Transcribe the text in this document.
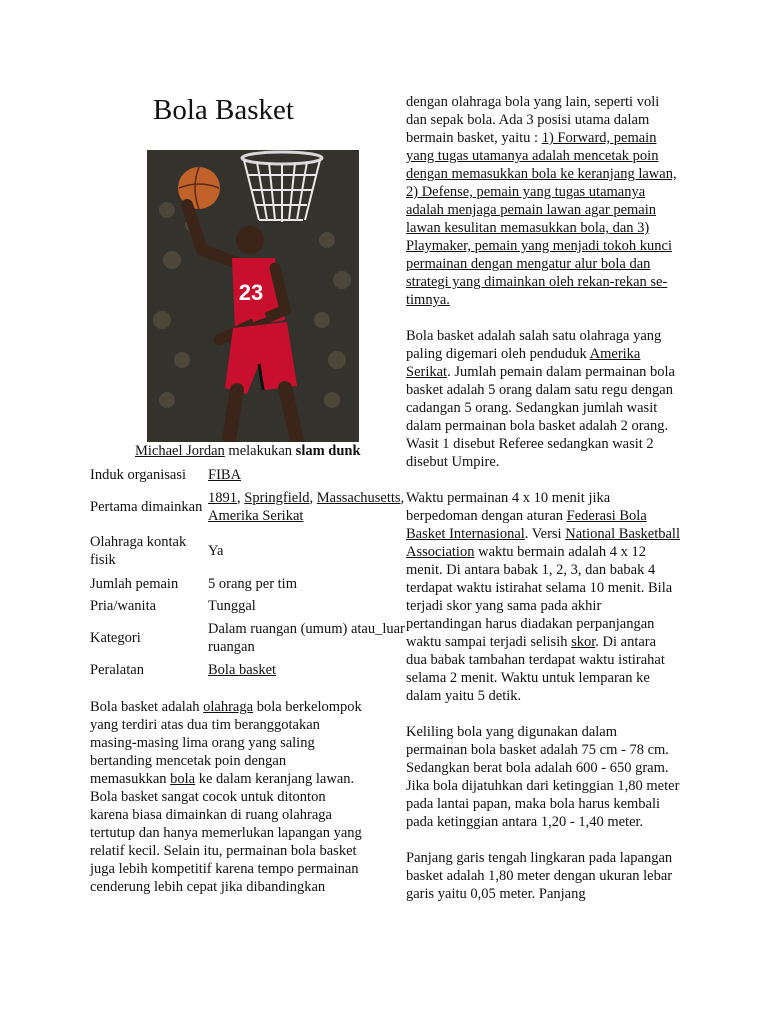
Bola Basket
23
Michael Jordan melakukan slam dunk
Induk organisasi	FIBA
Pertama dimainkan	1891, Springfield, Massachusetts, Amerika Serikat
Olahraga kontak fisik	Ya
Jumlah pemain	5 orang per tim
Pria/wanita	Tunggal
Kategori	Dalam ruangan (umum) atau_luar ruangan
Peralatan	Bola basket

Bola basket adalah olahraga bola berkelompok yang terdiri atas dua tim beranggotakan masing-masing lima orang yang saling bertanding mencetak poin dengan memasukkan bola ke dalam keranjang lawan. Bola basket sangat cocok untuk ditonton karena biasa dimainkan di ruang olahraga tertutup dan hanya memerlukan lapangan yang relatif kecil. Selain itu, permainan bola basket juga lebih kompetitif karena tempo permainan cenderung lebih cepat jika dibandingkan

dengan olahraga bola yang lain, seperti voli dan sepak bola. Ada 3 posisi utama dalam bermain basket, yaitu : 1) Forward, pemain yang tugas utamanya adalah mencetak poin dengan memasukkan bola ke keranjang lawan, 2) Defense, pemain yang tugas utamanya adalah menjaga pemain lawan agar pemain lawan kesulitan memasukkan bola, dan 3) Playmaker, pemain yang menjadi tokoh kunci permainan dengan mengatur alur bola dan strategi yang dimainkan oleh rekan-rekan se-timnya.

Bola basket adalah salah satu olahraga yang paling digemari oleh penduduk Amerika Serikat. Jumlah pemain dalam permainan bola basket adalah 5 orang dalam satu regu dengan cadangan 5 orang. Sedangkan jumlah wasit dalam permainan bola basket adalah 2 orang. Wasit 1 disebut Referee sedangkan wasit 2 disebut Umpire.

Waktu permainan 4 x 10 menit jika berpedoman dengan aturan Federasi Bola Basket Internasional. Versi National Basketball Association waktu bermain adalah 4 x 12 menit. Di antara babak 1, 2, 3, dan babak 4 terdapat waktu istirahat selama 10 menit. Bila terjadi skor yang sama pada akhir pertandingan harus diadakan perpanjangan waktu sampai terjadi selisih skor. Di antara dua babak tambahan terdapat waktu istirahat selama 2 menit. Waktu untuk lemparan ke dalam yaitu 5 detik.

Keliling bola yang digunakan dalam permainan bola basket adalah 75 cm - 78 cm. Sedangkan berat bola adalah 600 - 650 gram. Jika bola dijatuhkan dari ketinggian 1,80 meter pada lantai papan, maka bola harus kembali pada ketinggian antara 1,20 - 1,40 meter.

Panjang garis tengah lingkaran pada lapangan basket adalah 1,80 meter dengan ukuran lebar garis yaitu 0,05 meter. Panjang
